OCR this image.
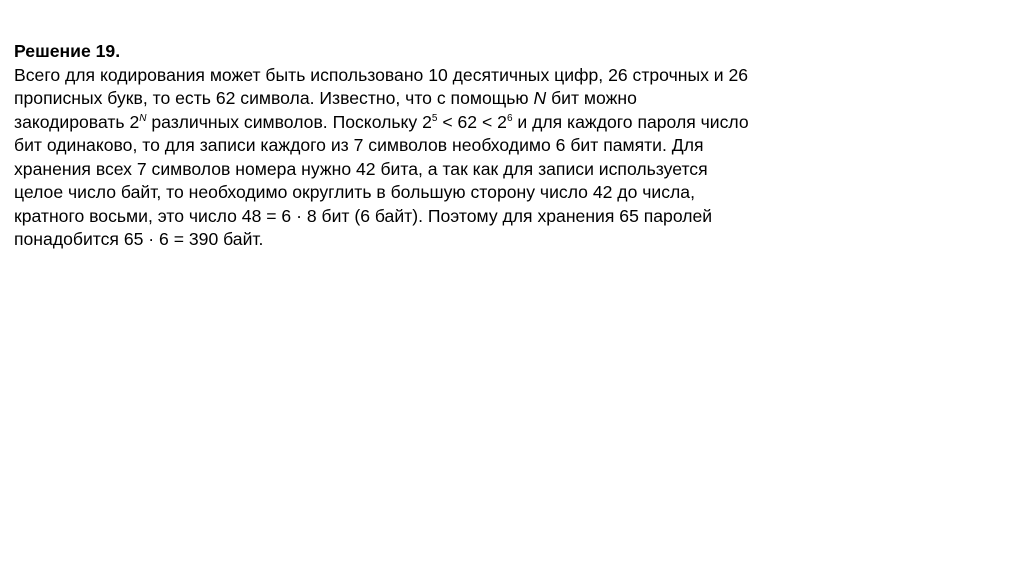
Решение 19.
Всего для кодирования может быть использовано 10 десятичных цифр, 26 строчных и 26
прописных букв, то есть 62 символа. Известно, что с помощью N бит можно
закодировать $2^N$ различных символов. Поскольку $2^5 < 62 < 2^6$ и для каждого пароля число
бит одинаково, то для записи каждого из 7 символов необходимо 6 бит памяти. Для
хранения всех 7 символов номера нужно 42 бита, а так как для записи используется
целое число байт, то необходимо округлить в большую сторону число 42 до числа,
кратного восьми, это число 48 = 6 · 8 бит (6 байт). Поэтому для хранения 65 паролей
понадобится 65 · 6 = 390 байт.
